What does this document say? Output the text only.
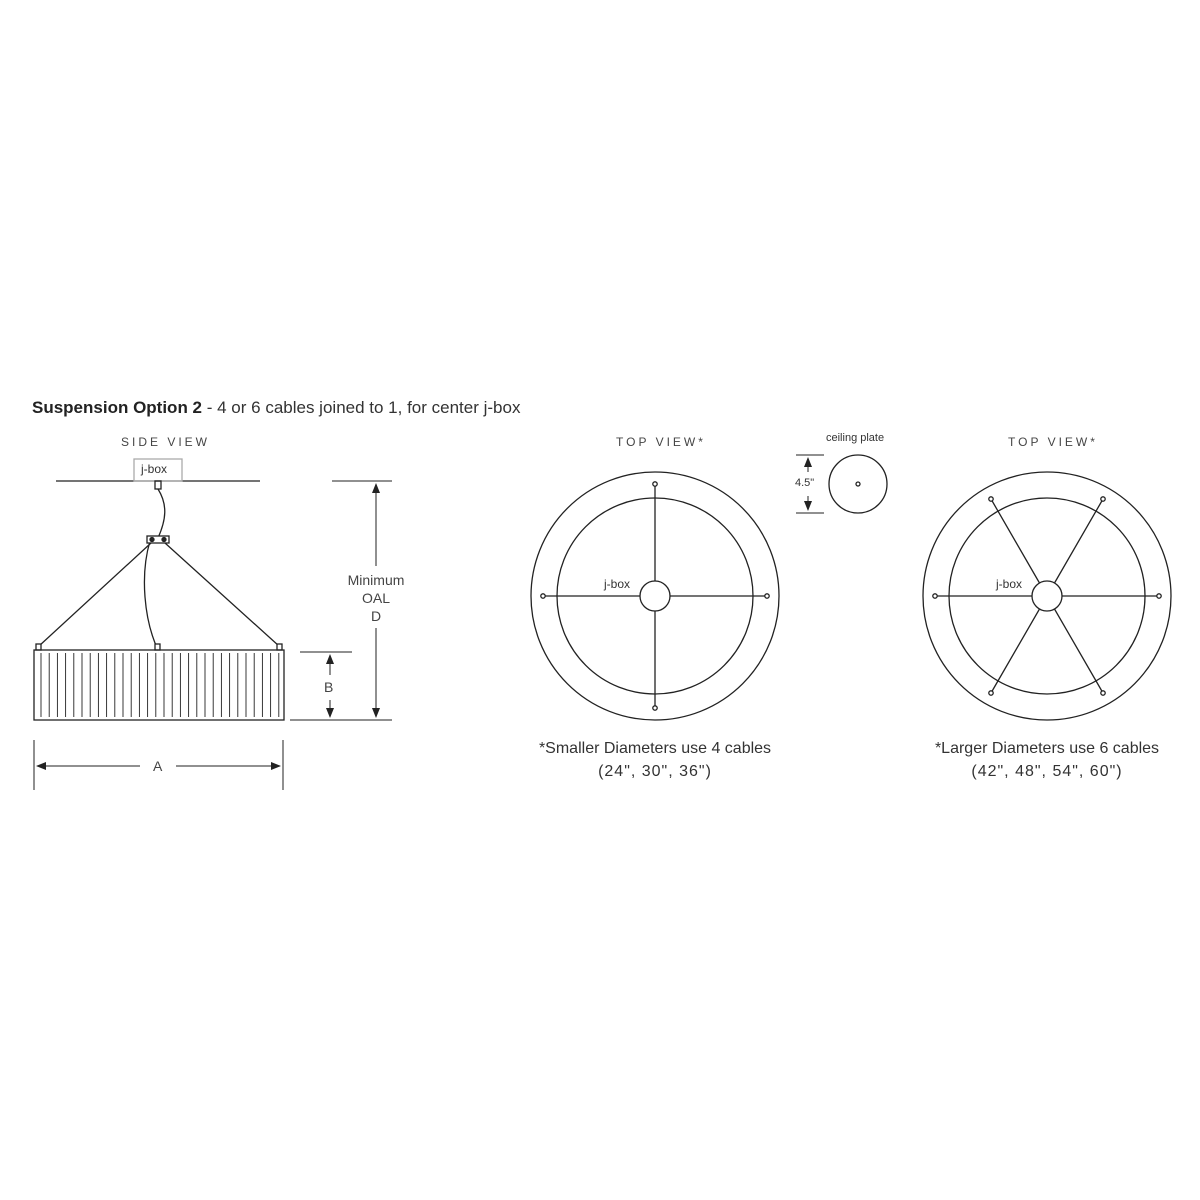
Suspension Option 2 - 4 or 6 cables joined to 1, for center j-box
SIDE VIEW
j-box
Minimum
OAL
D
B
A
TOP VIEW*
j-box
*Smaller Diameters use 4 cables
(24", 30", 36")
ceiling plate
4.5"
TOP VIEW*
j-box
*Larger Diameters use 6 cables
(42", 48", 54", 60")
